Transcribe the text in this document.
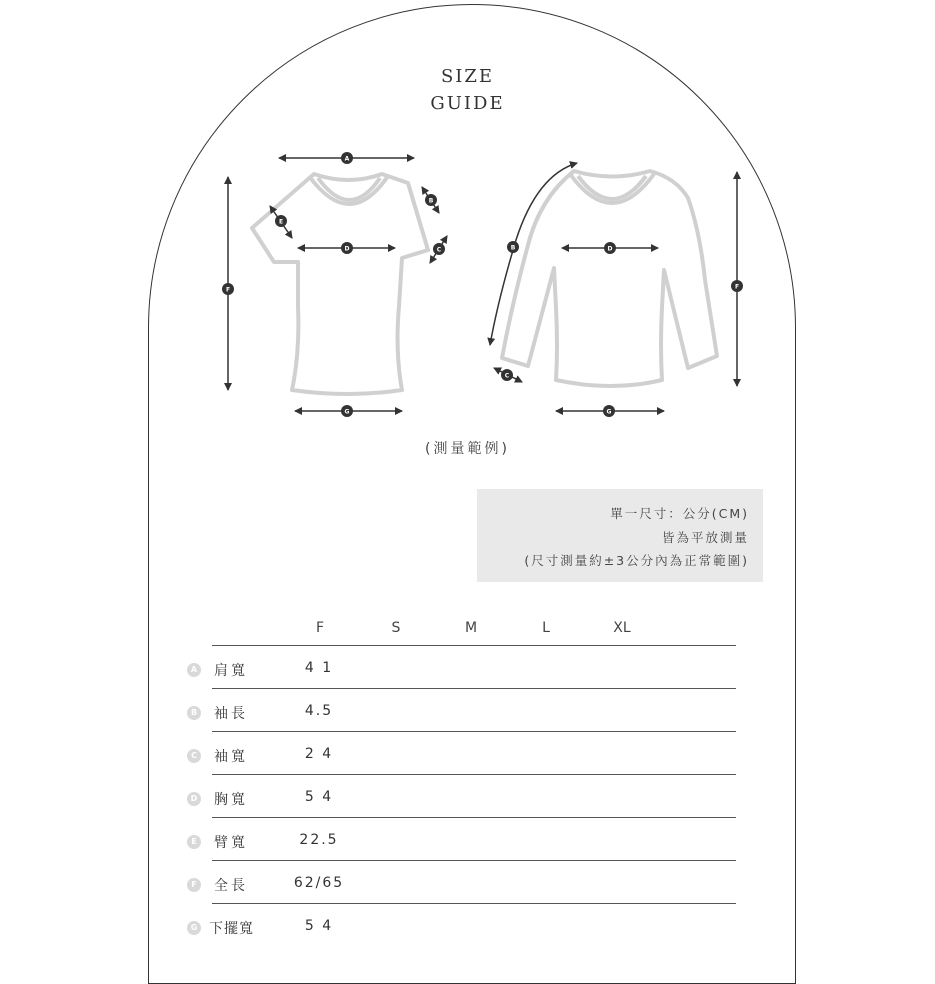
SIZE
GUIDE
A
D
G
F
E
B
C	D
G
F
B
C
(測量範例)
單一尺寸：公分(CM)
皆為平放測量
(尺寸測量約±3公分內為正常範圍)
F	S	M	L	XL
A 肩寬	4 1
B 袖長	4.5
C 袖寬	2 4
D 胸寬	5 4
E	臂寬	22.5
F	全長	62/65
G 下擺寬	5 4
